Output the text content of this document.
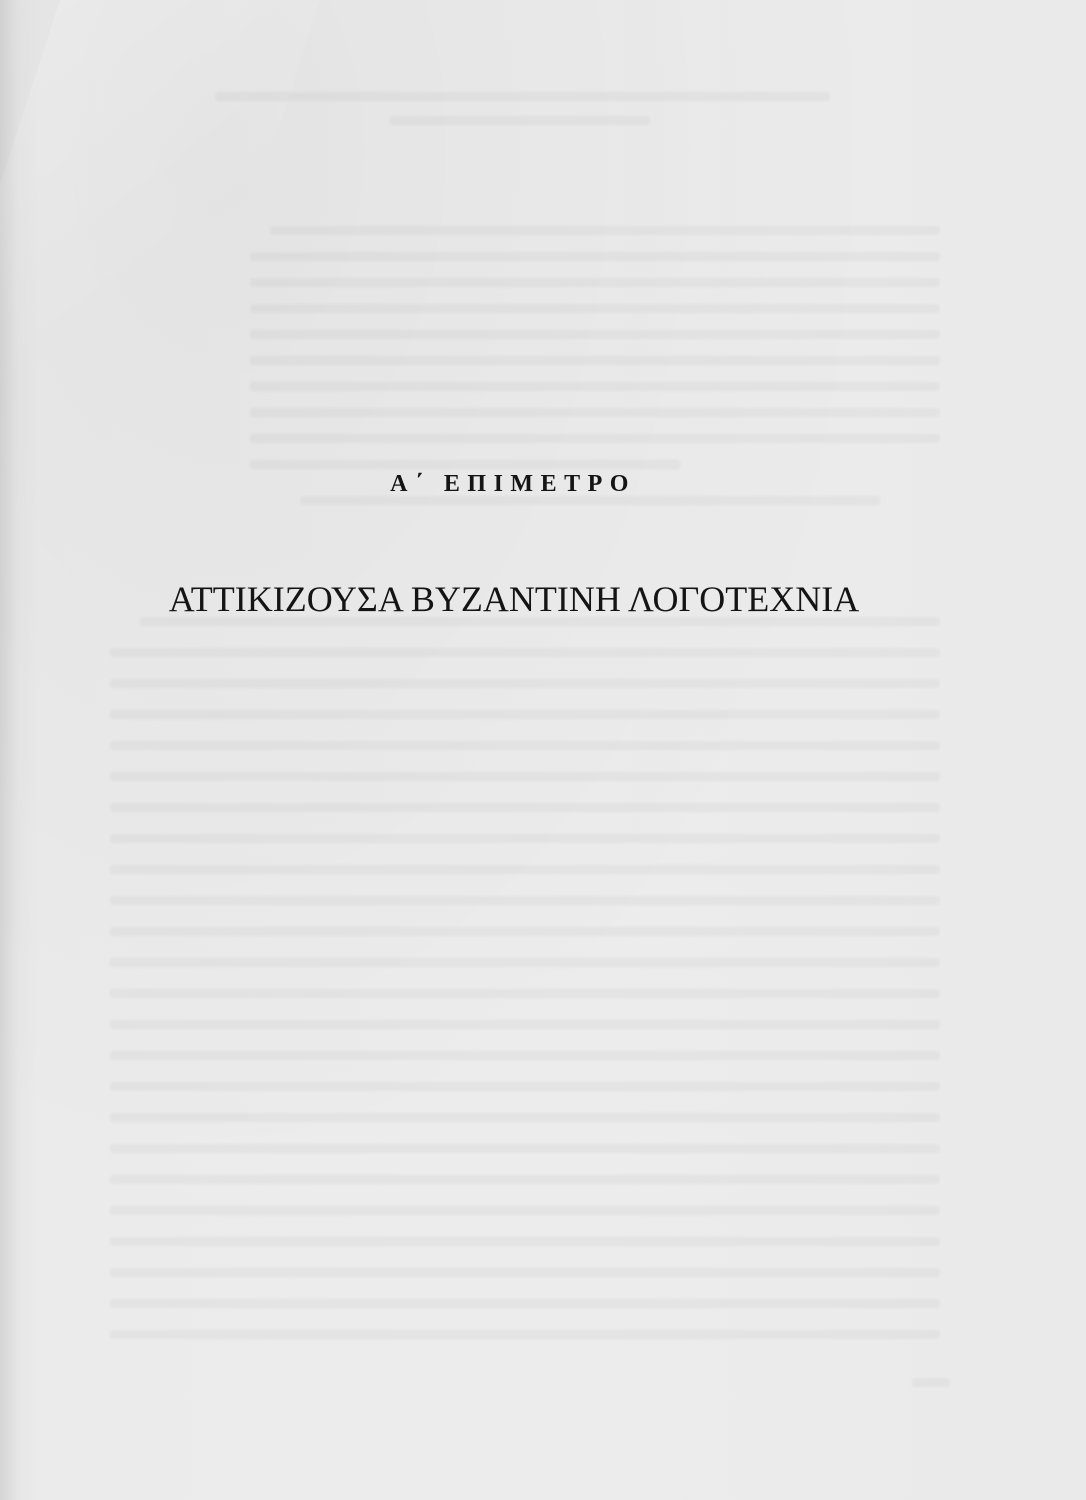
Α΄ ΕΠΙΜΕΤΡΟ
ΑΤΤΙΚΙΖΟΥΣΑ ΒΥΖΑΝΤΙΝΗ ΛΟΓΟΤΕΧΝΙΑ
